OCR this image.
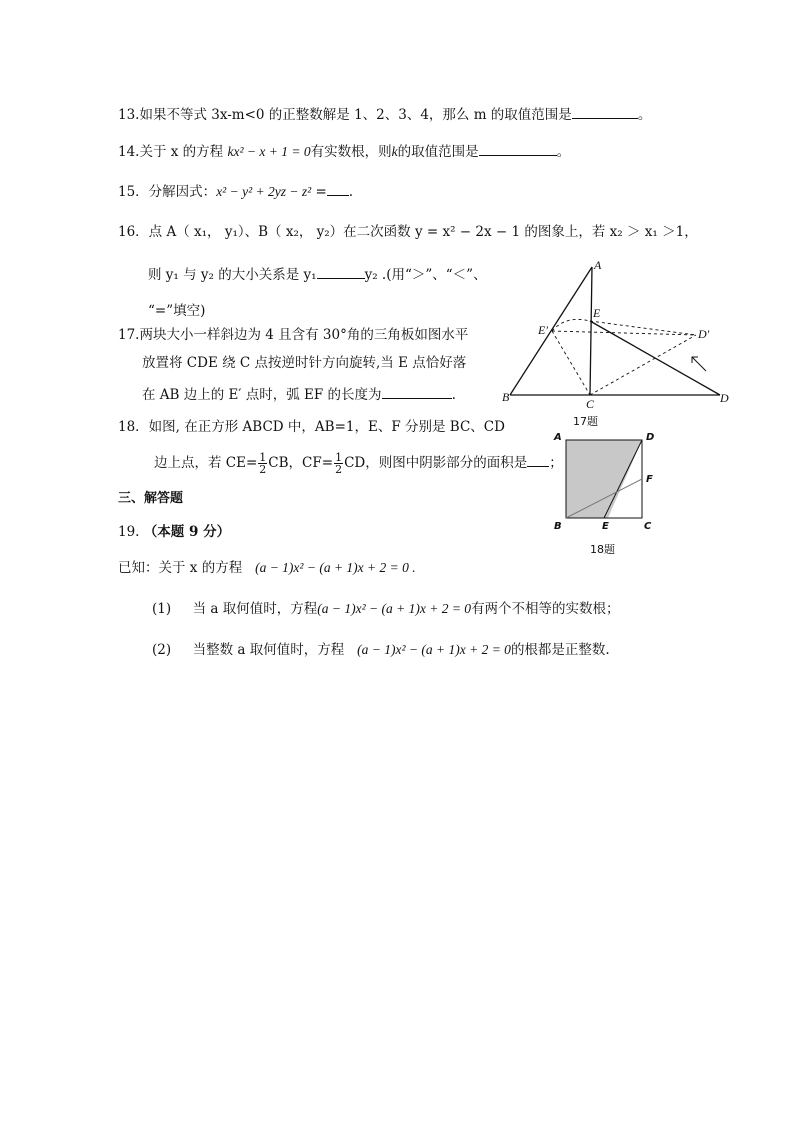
13.如果不等式 3x-m<0 的正整数解是 1、2、3、4，那么 m 的取值范围是	。
14.关于 x 的方程 kx² − x + 1 = 0有实数根，则k的取值范围是	。
15．分解因式：x² − y² + 2yz − z² = .
16．点 A（ x₁， y₁）、B（ x₂， y₂）在二次函数 y = x² − 2x − 1 的图象上，若 x₂ ＞ x₁ ＞1，
则 y₁ 与 y₂ 的大小关系是 y₁	y₂ .(用“＞”、“＜”、
“=”填空)
17.两块大小一样斜边为 4 且含有 30°角的三角板如图水平
放置将 CDE 绕 C 点按逆时针方向旋转,当 E 点恰好落
在 AB 边上的 E′ 点时，弧 EF 的长度为	.
18．如图, 在正方形 ABCD 中，AB=1，E、F 分别是 BC、CD
边上点，若 $CE= \frac{1}{2}$ CB，$CF= \frac{1}{2}$ CD，则图中阴影部分的面积是 ；
三、解答题
19. （本题 9 分）
已知：关于 x 的方程 (a − 1)x² − (a + 1)x + 2 = 0 .
(1) 当 a 取何值时，方程(a − 1)x² − (a + 1)x + 2 = 0有两个不相等的实数根；
(2) 当整数 a 取何值时，方程 (a − 1)x² − (a + 1)x + 2 = 0的根都是正整数.
A
E
E′	D′
B	C	D
17题
A	D
F
B	E	C
18题
